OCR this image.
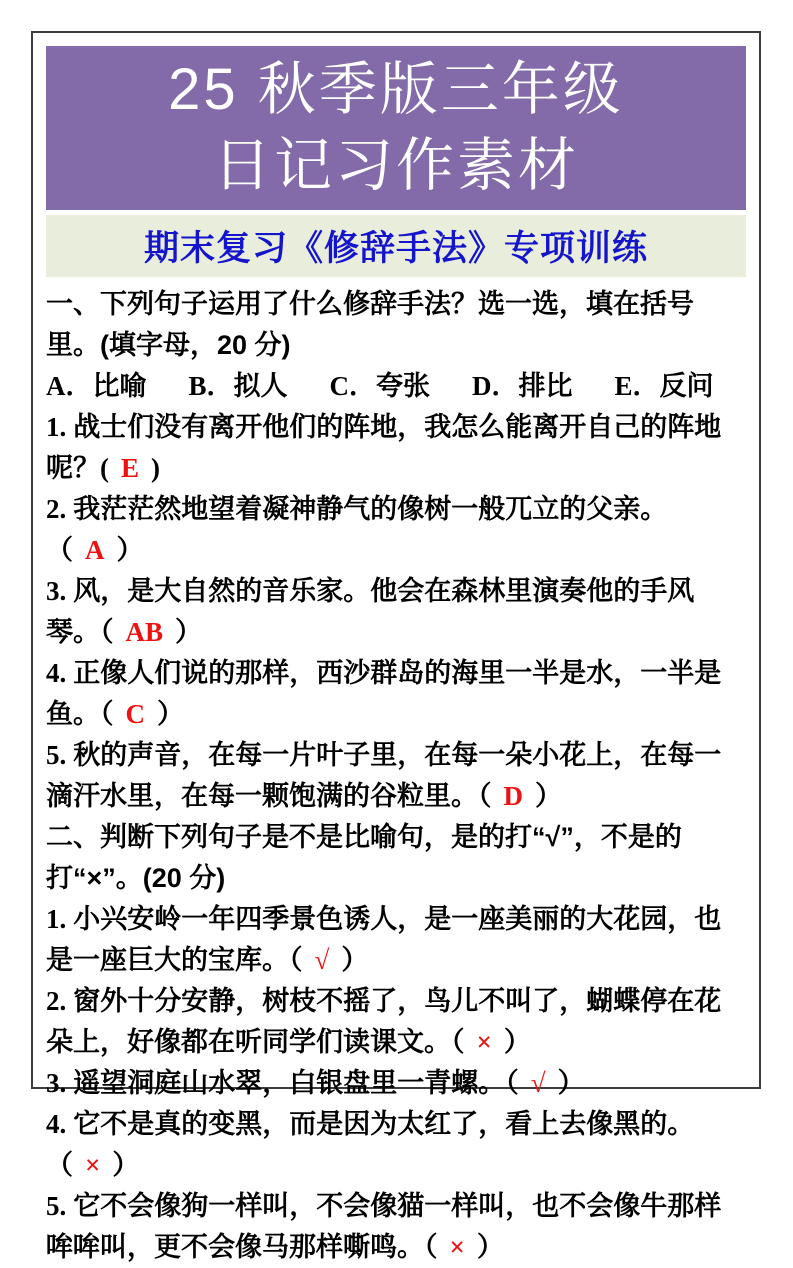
25 秋季版三年级
日记习作素材
期末复习《修辞手法》专项训练

一、下列句子运用了什么修辞手法？选一选，填在括号里。(填字母，20 分)

A．比喻 B．拟人 C．夸张 D．排比 E．反问

1. 战士们没有离开他们的阵地，我怎么能离开自己的阵地呢？( E )

2. 我茫茫然地望着凝神静气的像树一般兀立的父亲。（ A ）

3. 风，是大自然的音乐家。他会在森林里演奏他的手风琴。（ AB ）

4. 正像人们说的那样，西沙群岛的海里一半是水，一半是鱼。（ C ）

5. 秋的声音，在每一片叶子里，在每一朵小花上，在每一滴汗水里，在每一颗饱满的谷粒里。（ D ）

二、判断下列句子是不是比喻句，是的打“√”，不是的打“×”。(20 分)

1. 小兴安岭一年四季景色诱人，是一座美丽的大花园，也是一座巨大的宝库。（ √ ）

2. 窗外十分安静，树枝不摇了，鸟儿不叫了，蝴蝶停在花朵上，好像都在听同学们读课文。（ × ）

3. 遥望洞庭山水翠，白银盘里一青螺。（ √ ）

4. 它不是真的变黑，而是因为太红了，看上去像黑的。（ × ）

5. 它不会像狗一样叫，不会像猫一样叫，也不会像牛那样哞哞叫，更不会像马那样嘶鸣。（ × ）
